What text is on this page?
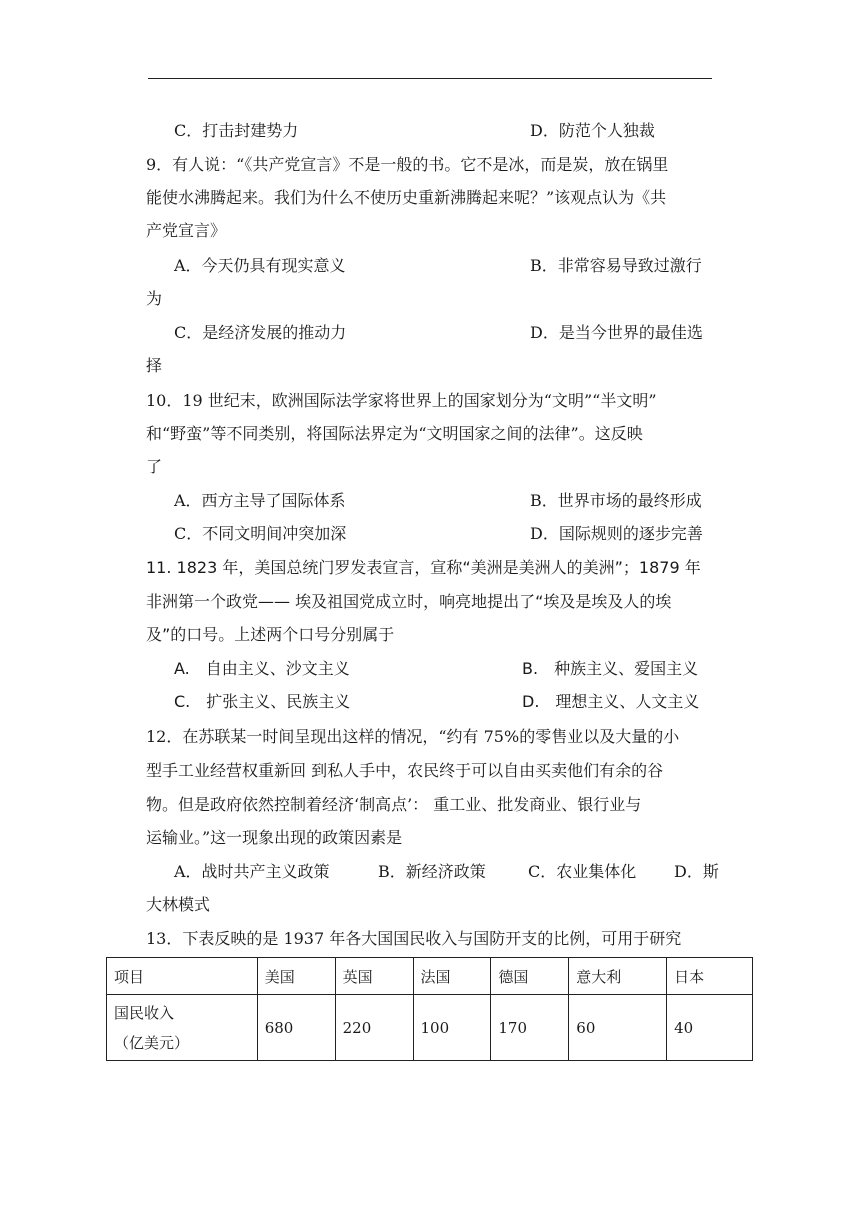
C．打击封建势力	D．防范个人独裁
9．有人说：“《共产党宣言》不是一般的书。它不是冰，而是炭，放在锅里
能使水沸腾起来。我们为什么不使历史重新沸腾起来呢？”该观点认为《共
产党宣言》
A．今天仍具有现实意义	B．非常容易导致过激行
为
C．是经济发展的推动力	D．是当今世界的最佳选
择
10．19 世纪末，欧洲国际法学家将世界上的国家划分为“文明”“半文明”
和“野蛮”等不同类别，将国际法界定为“文明国家之间的法律”。这反映
了
A．西方主导了国际体系	B．世界市场的最终形成
C．不同文明间冲突加深	D．国际规则的逐步完善
11. 1823 年，美国总统门罗发表宣言，宣称“美洲是美洲人的美洲”；1879 年
非洲第一个政党—— 埃及祖国党成立时，响亮地提出了“埃及是埃及人的埃
及”的口号。上述两个口号分别属于
A.　自由主义、沙文主义	B.　种族主义、爱国主义
C.　扩张主义、民族主义	D.　理想主义、人文主义
12．在苏联某一时间呈现出这样的情况，“约有 75%的零售业以及大量的小
型手工业经营权重新回 到私人手中，农民终于可以自由买卖他们有余的谷
物。但是政府依然控制着经济‘制高点’： 重工业、批发商业、银行业与
运输业。”这一现象出现的政策因素是
A．战时共产主义政策	B．新经济政策	C．农业集体化 D．斯
大林模式
13．下表反映的是 1937 年各大国国民收入与国防开支的比例，可用于研究
项目	美国	英国	法国	德国	意大利	日本

国民收入
（亿美元）	680	220	100	170	60	40
